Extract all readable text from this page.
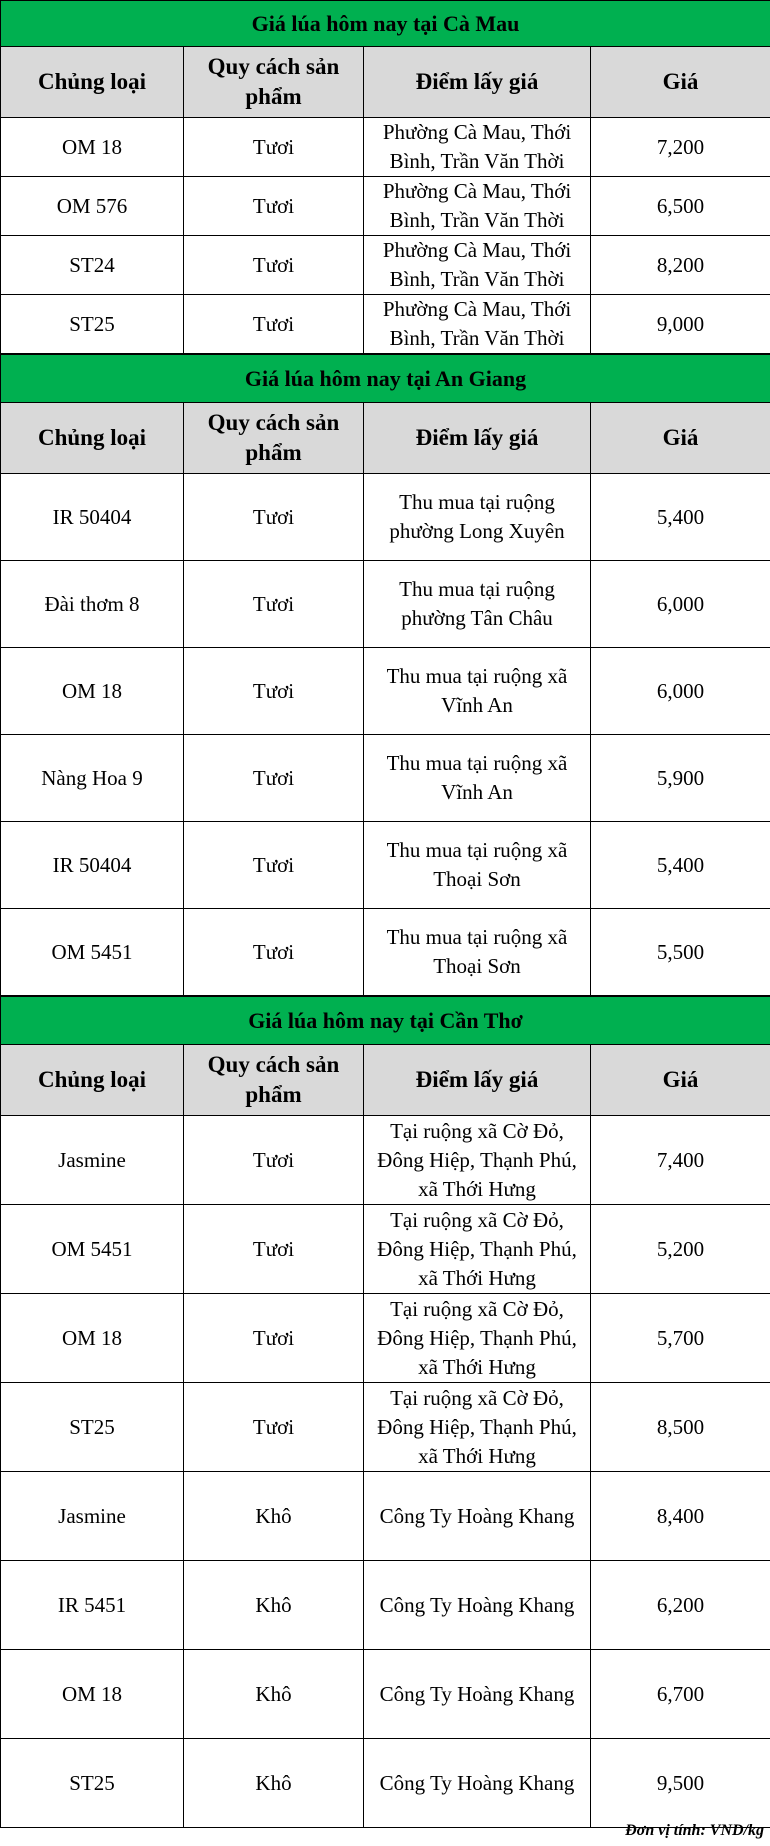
Giá lúa hôm nay tại Cà Mau			
Chủng loại	Quy cách sản phẩm	Điểm lấy giá	Giá
OM 18	Tươi	Phường Cà Mau, Thới Bình, Trần Văn Thời	7,200
OM 576	Tươi	Phường Cà Mau, Thới Bình, Trần Văn Thời	6,500
ST24	Tươi	Phường Cà Mau, Thới Bình, Trần Văn Thời	8,200
ST25	Tươi	Phường Cà Mau, Thới Bình, Trần Văn Thời	9,000
Giá lúa hôm nay tại An Giang			
Chủng loại	Quy cách sản phẩm	Điểm lấy giá	Giá
IR 50404	Tươi	Thu mua tại ruộng phường Long Xuyên	5,400
Đài thơm 8	Tươi	Thu mua tại ruộng phường Tân Châu	6,000
OM 18	Tươi	Thu mua tại ruộng xã Vĩnh An	6,000
Nàng Hoa 9	Tươi	Thu mua tại ruộng xã Vĩnh An	5,900
IR 50404	Tươi	Thu mua tại ruộng xã Thoại Sơn	5,400
OM 5451	Tươi	Thu mua tại ruộng xã Thoại Sơn	5,500
Giá lúa hôm nay tại Cần Thơ			
Chủng loại	Quy cách sản phẩm	Điểm lấy giá	Giá
Jasmine	Tươi	Tại ruộng xã Cờ Đỏ, Đông Hiệp, Thạnh Phú, xã Thới Hưng	7,400
OM 5451	Tươi	Tại ruộng xã Cờ Đỏ, Đông Hiệp, Thạnh Phú, xã Thới Hưng	5,200
OM 18	Tươi	Tại ruộng xã Cờ Đỏ, Đông Hiệp, Thạnh Phú, xã Thới Hưng	5,700
ST25	Tươi	Tại ruộng xã Cờ Đỏ, Đông Hiệp, Thạnh Phú, xã Thới Hưng	8,500
Jasmine	Khô	Công Ty Hoàng Khang	8,400
IR 5451	Khô	Công Ty Hoàng Khang	6,200
OM 18	Khô	Công Ty Hoàng Khang	6,700
ST25	Khô	Công Ty Hoàng Khang	9,500
Đơn vị tính: VND/kg
